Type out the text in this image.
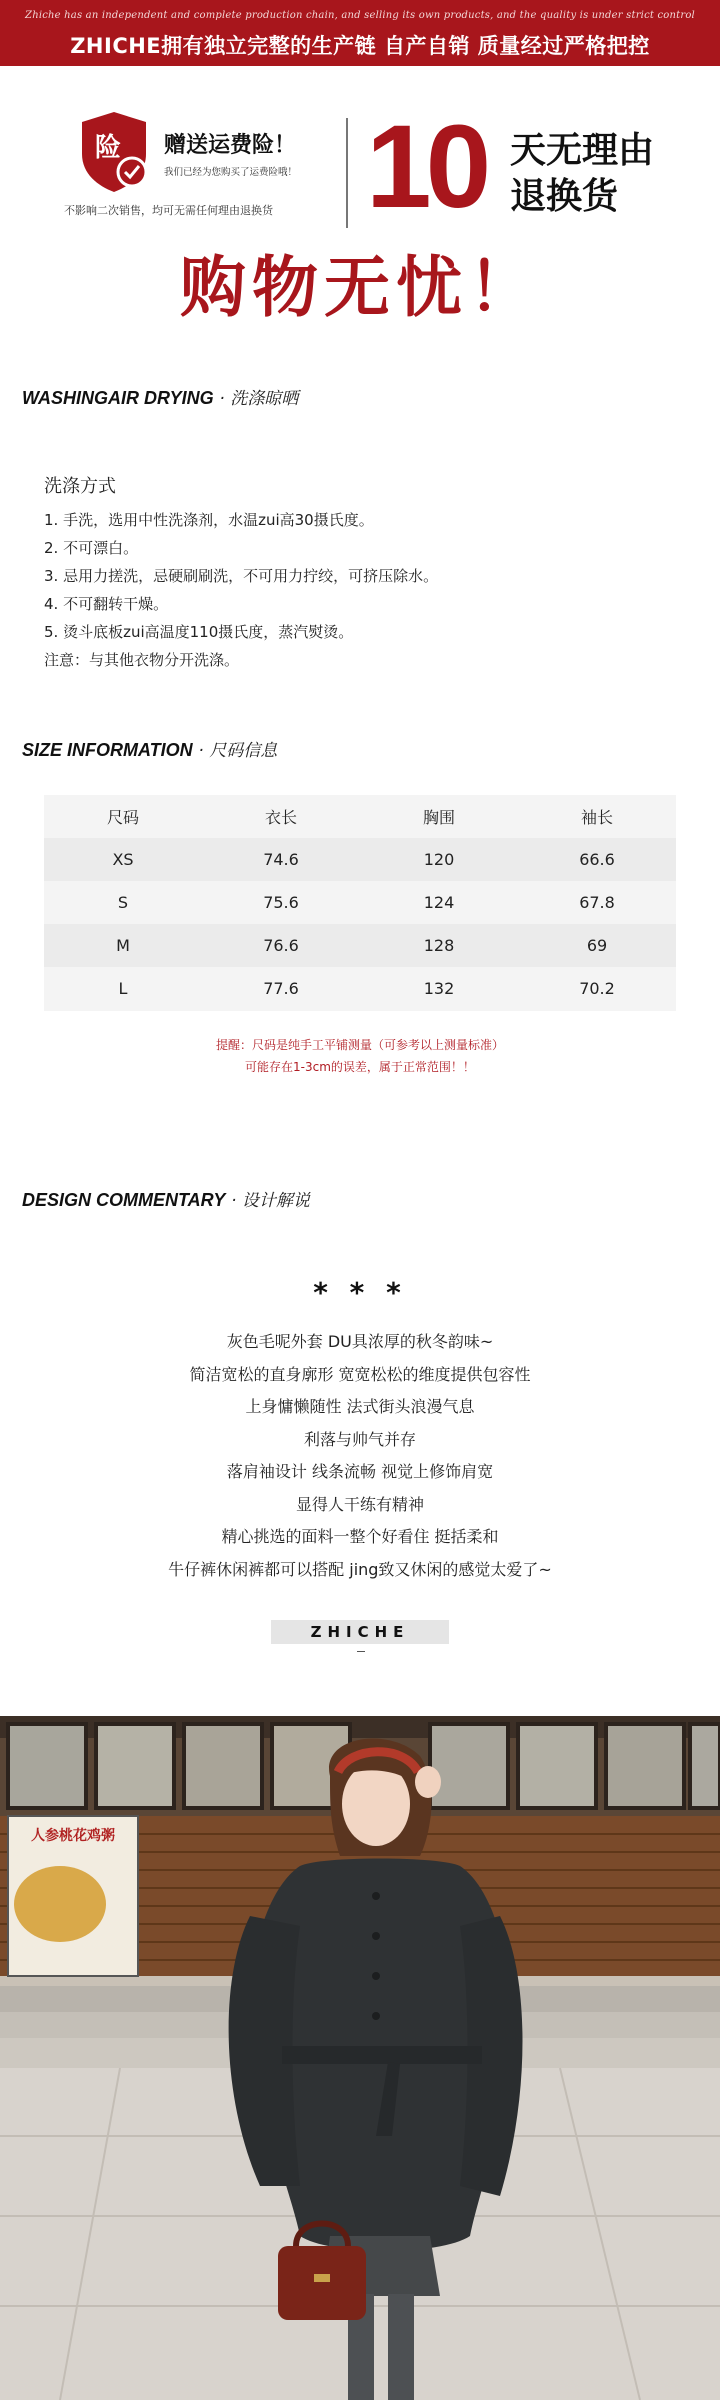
Zhiche has an independent and complete production chain, and selling its own products, and the quality is under strict control
ZHICHE拥有独立完整的生产链 自产自销 质量经过严格把控
险 赠送运费险！
我们已经为您购买了运费险哦！
不影响二次销售，均可无需任何理由退换货 10 天无理由
退换货
购物无忧！
WASHINGAIR DRYING · 洗涤晾晒
洗涤方式
1. 手洗，选用中性洗涤剂，水温zui高30摄氏度。
2. 不可漂白。
3. 忌用力搓洗，忌硬刷刷洗，不可用力拧绞，可挤压除水。
4. 不可翻转干燥。
5. 烫斗底板zui高温度110摄氏度，蒸汽熨烫。
注意：与其他衣物分开洗涤。
SIZE INFORMATION · 尺码信息
尺码	衣长	胸围	袖长
XS	74.6	120	66.6
S	75.6	124	67.8
M	76.6	128	69
L	77.6	132	70.2
提醒：尺码是纯手工平铺测量（可参考以上测量标准）
可能存在1-3cm的误差，属于正常范围！！
DESIGN COMMENTARY · 设计解说
* * *
灰色毛呢外套 DU具浓厚的秋冬韵味~
简洁宽松的直身廓形 宽宽松松的维度提供包容性
上身慵懒随性 法式街头浪漫气息
利落与帅气并存
落肩袖设计 线条流畅 视觉上修饰肩宽
显得人干练有精神
精心挑选的面料一整个好看住 挺括柔和
牛仔裤休闲裤都可以搭配 jing致又休闲的感觉太爱了~
ZHICHE
人参桃花鸡粥
